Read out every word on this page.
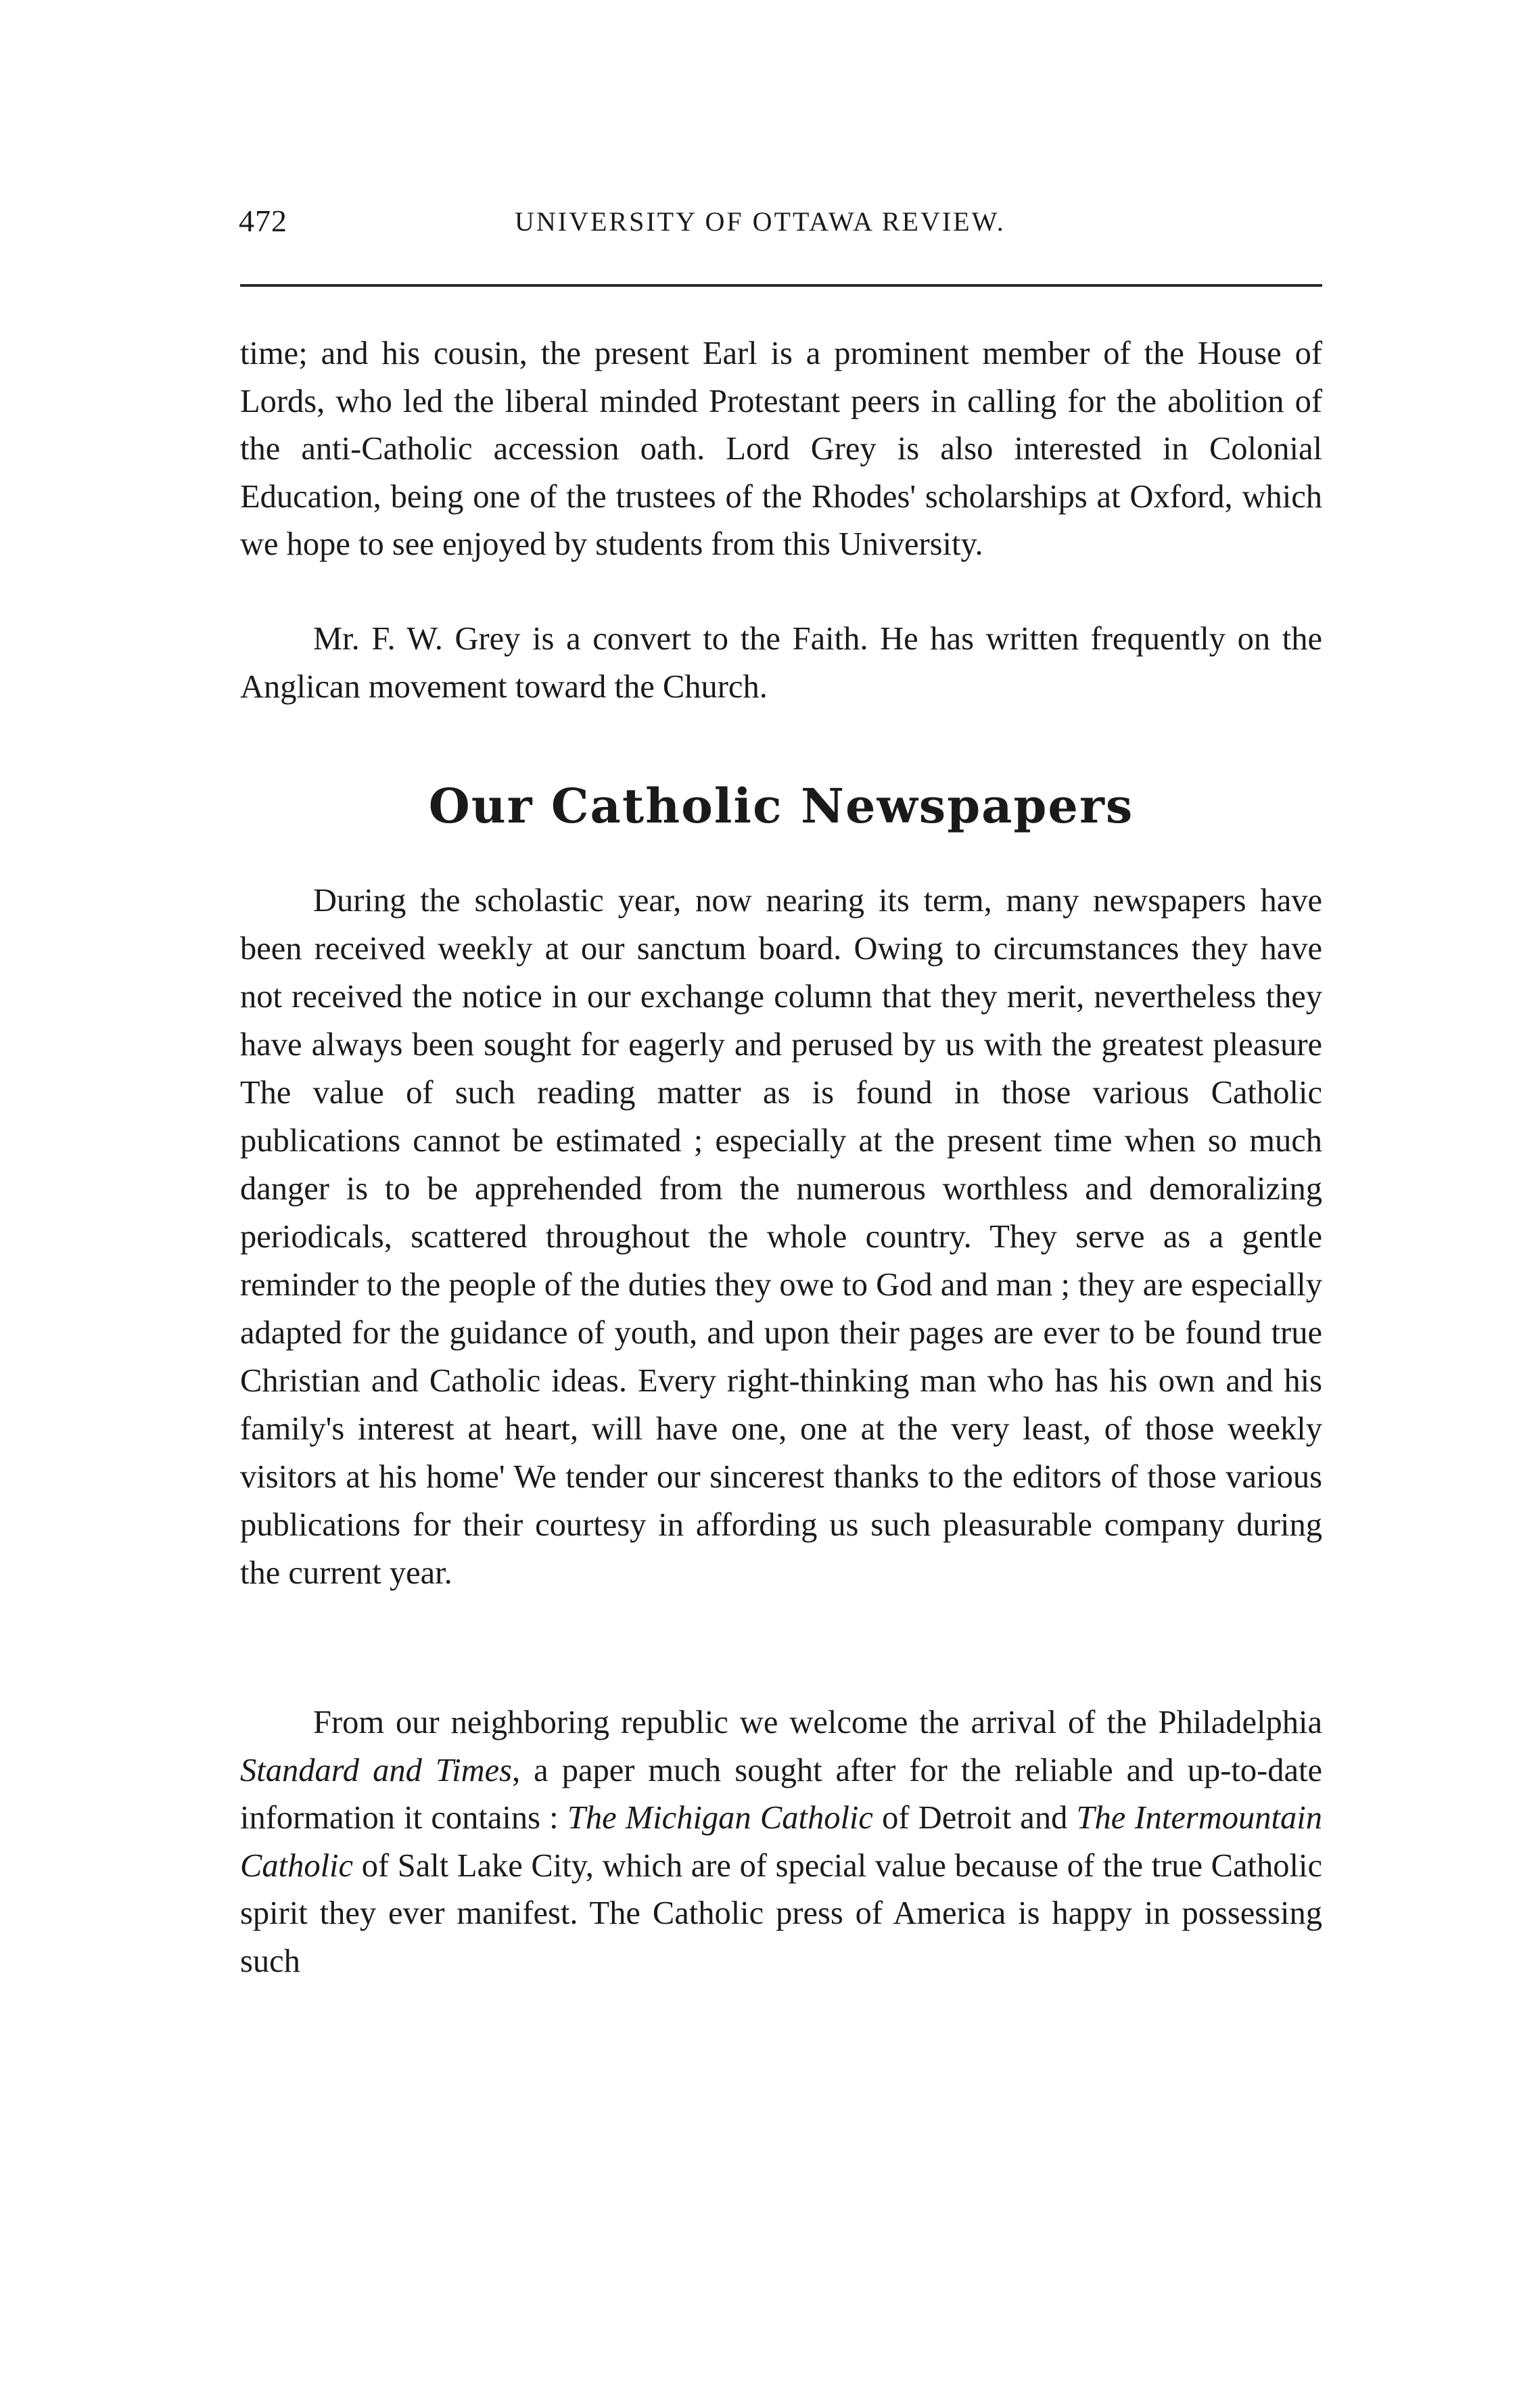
472	UNIVERSITY OF OTTAWA REVIEW.

time; and his cousin, the present Earl is a prominent member of the House of Lords, who led the liberal minded Protestant peers in calling for the abolition of the anti-Catholic accession oath. Lord Grey is also interested in Colonial Education, being one of the trustees of the Rhodes' scholarships at Oxford, which we hope to see enjoyed by students from this University.

Mr. F. W. Grey is a convert to the Faith. He has written frequently on the Anglican movement toward the Church.

Our Catholic Newspapers

During the scholastic year, now nearing its term, many newspapers have been received weekly at our sanctum board. Owing to circumstances they have not received the notice in our exchange column that they merit, nevertheless they have always been sought for eagerly and perused by us with the greatest pleasure The value of such reading matter as is found in those various Catholic publications cannot be estimated ; especially at the present time when so much danger is to be apprehended from the numerous worthless and demoralizing periodicals, scattered throughout the whole country. They serve as a gentle reminder to the people of the duties they owe to God and man ; they are especially adapted for the guidance of youth, and upon their pages are ever to be found true Christian and Catholic ideas. Every right-thinking man who has his own and his family's interest at heart, will have one, one at the very least, of those weekly visitors at his home' We tender our sincerest thanks to the editors of those various publications for their courtesy in affording us such pleasurable company during the current year.

From our neighboring republic we welcome the arrival of the Philadelphia Standard and Times, a paper much sought after for the reliable and up-to-date information it contains : The Michigan Catholic of Detroit and The Intermountain Catholic of Salt Lake City, which are of special value because of the true Catholic spirit they ever manifest. The Catholic press of America is happy in possessing such
